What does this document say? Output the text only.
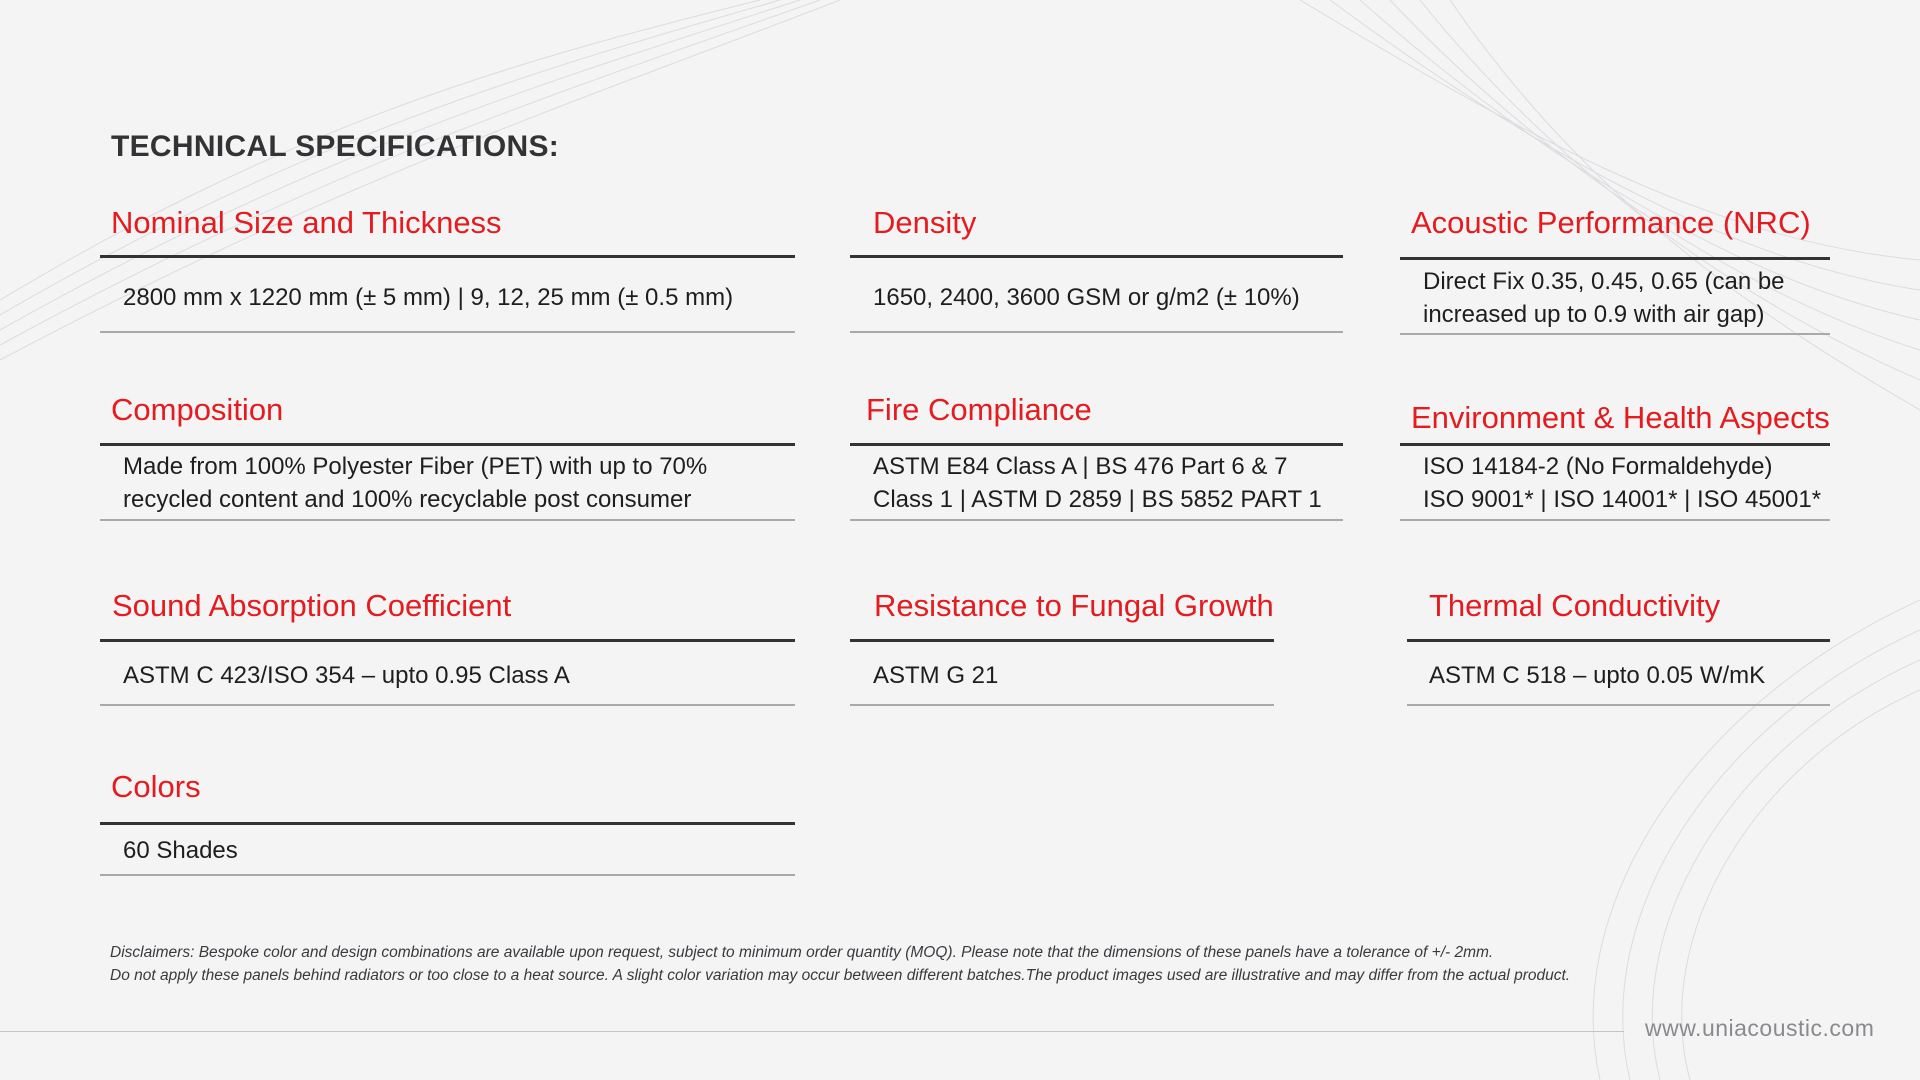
TECHNICAL SPECIFICATIONS:
Nominal Size and Thickness
2800 mm x 1220 mm (± 5 mm) | 9, 12, 25 mm (± 0.5 mm)
Density
1650, 2400, 3600 GSM or g/m2 (± 10%)
Acoustic Performance (NRC)
Direct Fix 0.35, 0.45, 0.65 (can be
increased up to 0.9 with air gap)
Composition
Made from 100% Polyester Fiber (PET) with up to 70%
recycled content and 100% recyclable post consumer
Fire Compliance
ASTM E84 Class A | BS 476 Part 6 & 7
Class 1 | ASTM D 2859 | BS 5852 PART 1
Environment & Health Aspects
ISO 14184-2 (No Formaldehyde)
ISO 9001* | ISO 14001* | ISO 45001*
Sound Absorption Coefficient
ASTM C 423/ISO 354 – upto 0.95 Class A
Resistance to Fungal Growth
ASTM G 21
Thermal Conductivity
ASTM C 518 – upto 0.05 W/mK
Colors
60 Shades
Disclaimers: Bespoke color and design combinations are available upon request, subject to minimum order quantity (MOQ). Please note that the dimensions of these panels have a tolerance of +/- 2mm.
Do not apply these panels behind radiators or too close to a heat source. A slight color variation may occur between different batches.The product images used are illustrative and may differ from the actual product.
www.uniacoustic.com
